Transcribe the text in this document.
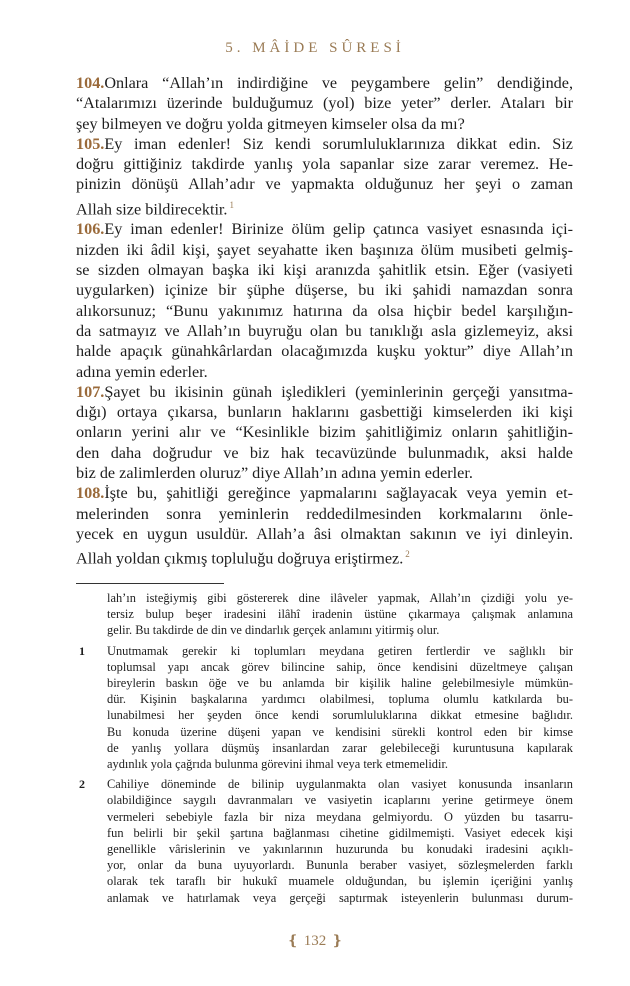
5. MÂİDE SÛRESİ
104.Onlara “Allah’ın indirdiğine ve peygambere gelin” dendiğinde,
“Atalarımızı üzerinde bulduğumuz (yol) bize yeter” derler. Ataları bir
şey bilmeyen ve doğru yolda gitmeyen kimseler olsa da mı?
105.Ey iman edenler! Siz kendi sorumluluklarınıza dikkat edin. Siz
doğru gittiğiniz takdirde yanlış yola sapanlar size zarar veremez. He-
pinizin dönüşü Allah’adır ve yapmakta olduğunuz her şeyi o zaman
Allah size bildirecektir. $^1$
106.Ey iman edenler! Birinize ölüm gelip çatınca vasiyet esnasında içi-
nizden iki âdil kişi, şayet seyahatte iken başınıza ölüm musibeti gelmiş-
se sizden olmayan başka iki kişi aranızda şahitlik etsin. Eğer (vasiyeti
uygularken) içinize bir şüphe düşerse, bu iki şahidi namazdan sonra
alıkorsunuz; “Bunu yakınımız hatırına da olsa hiçbir bedel karşılığın-
da satmayız ve Allah’ın buyruğu olan bu tanıklığı asla gizlemeyiz, aksi
halde apaçık günahkârlardan olacağımızda kuşku yoktur” diye Allah’ın
adına yemin ederler.
107.Şayet bu ikisinin günah işledikleri (yeminlerinin gerçeği yansıtma-
dığı) ortaya çıkarsa, bunların haklarını gasbettiği kimselerden iki kişi
onların yerini alır ve “Kesinlikle bizim şahitliğimiz onların şahitliğin-
den daha doğrudur ve biz hak tecavüzünde bulunmadık, aksi halde
biz de zalimlerden oluruz” diye Allah’ın adına yemin ederler.
108.İşte bu, şahitliği gereğince yapmalarını sağlayacak veya yemin et-
melerinden sonra yeminlerin reddedilmesinden korkmalarını önle-
yecek en uygun usuldür. Allah’a âsi olmaktan sakının ve iyi dinleyin.
Allah yoldan çıkmış topluluğu doğruya eriştirmez. $^2$
lah’ın isteğiymiş gibi göstererek dine ilâveler yapmak, Allah’ın çizdiği yolu ye-
tersiz bulup beşer iradesini ilâhî iradenin üstüne çıkarmaya çalışmak anlamına
gelir. Bu takdirde de din ve dindarlık gerçek anlamını yitirmiş olur.
1 Unutmamak gerekir ki toplumları meydana getiren fertlerdir ve sağlıklı bir
toplumsal yapı ancak görev bilincine sahip, önce kendisini düzeltmeye çalışan
bireylerin baskın öğe ve bu anlamda bir kişilik haline gelebilmesiyle mümkün-
dür. Kişinin başkalarına yardımcı olabilmesi, topluma olumlu katkılarda bu-
lunabilmesi her şeyden önce kendi sorumluluklarına dikkat etmesine bağlıdır.
Bu konuda üzerine düşeni yapan ve kendisini sürekli kontrol eden bir kimse
de yanlış yollara düşmüş insanlardan zarar gelebileceği kuruntusuna kapılarak
aydınlık yola çağrıda bulunma görevini ihmal veya terk etmemelidir.
2 Cahiliye döneminde de bilinip uygulanmakta olan vasiyet konusunda insanların
olabildiğince saygılı davranmaları ve vasiyetin icaplarını yerine getirmeye önem
vermeleri sebebiyle fazla bir niza meydana gelmiyordu. O yüzden bu tasarru-
fun belirli bir şekil şartına bağlanması cihetine gidilmemişti. Vasiyet edecek kişi
genellikle vârislerinin ve yakınlarının huzurunda bu konudaki iradesini açıklı-
yor, onlar da buna uyuyorlardı. Bununla beraber vasiyet, sözleşmelerden farklı
olarak tek taraflı bir hukukî muamele olduğundan, bu işlemin içeriğini yanlış
anlamak ve hatırlamak veya gerçeği saptırmak isteyenlerin bulunması durum-
❴ 132 ❵
